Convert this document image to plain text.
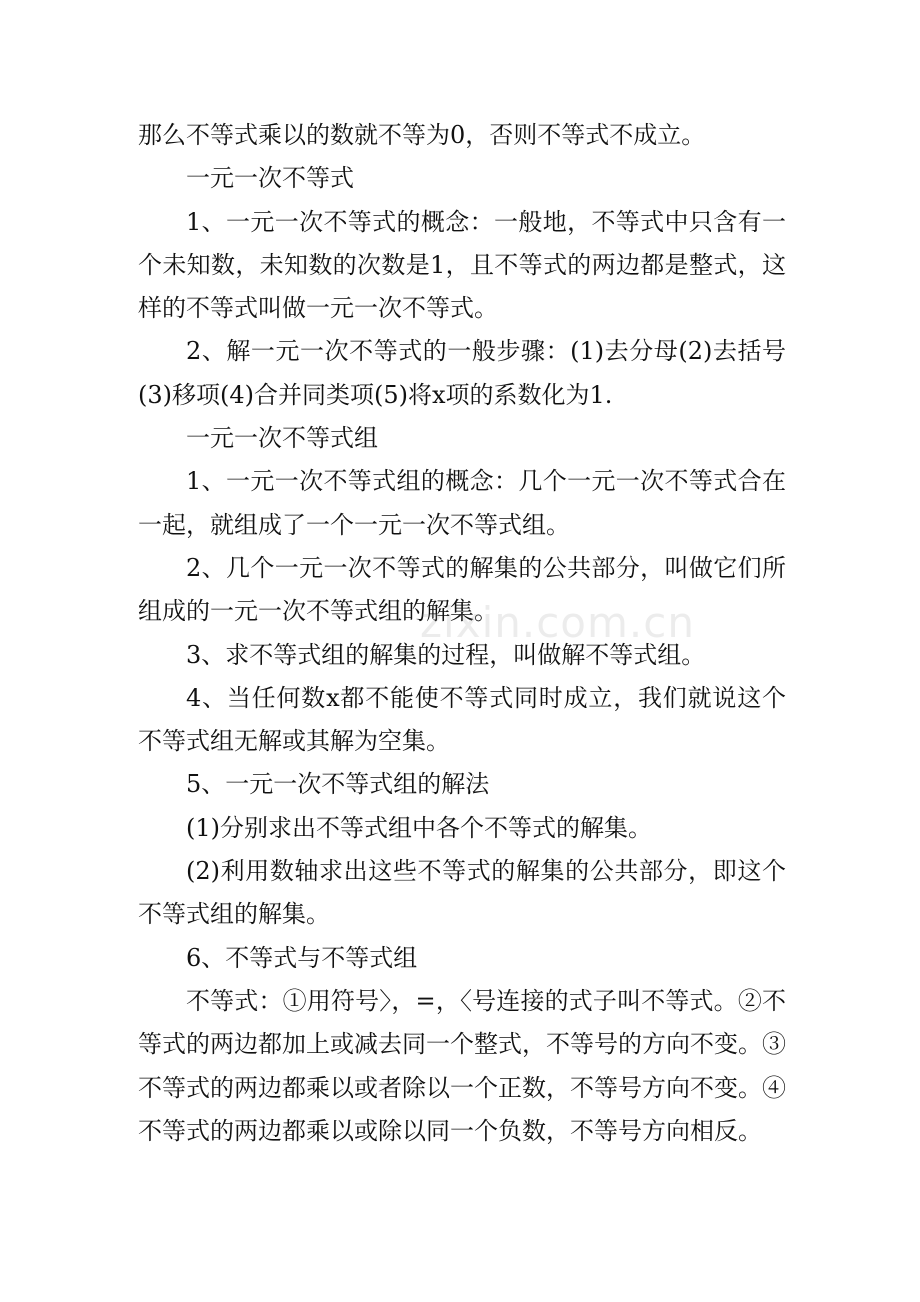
那么不等式乘以的数就不等为0，否则不等式不成立。

一元一次不等式

1、一元一次不等式的概念：一般地，不等式中只含有一个未知数，未知数的次数是1，且不等式的两边都是整式，这样的不等式叫做一元一次不等式。

2、解一元一次不等式的一般步骤：(1)去分母(2)去括号(3)移项(4)合并同类项(5)将x项的系数化为1.

一元一次不等式组

1、一元一次不等式组的概念：几个一元一次不等式合在一起，就组成了一个一元一次不等式组。

2、几个一元一次不等式的解集的公共部分，叫做它们所组成的一元一次不等式组的解集。

3、求不等式组的解集的过程，叫做解不等式组。

4、当任何数x都不能使不等式同时成立，我们就说这个不等式组无解或其解为空集。

5、一元一次不等式组的解法

(1)分别求出不等式组中各个不等式的解集。

(2)利用数轴求出这些不等式的解集的公共部分，即这个不等式组的解集。

6、不等式与不等式组

不等式：①用符号〉，=，〈号连接的式子叫不等式。②不等式的两边都加上或减去同一个整式，不等号的方向不变。③不等式的两边都乘以或者除以一个正数，不等号方向不变。④不等式的两边都乘以或除以同一个负数，不等号方向相反。

zixin.com.cn
